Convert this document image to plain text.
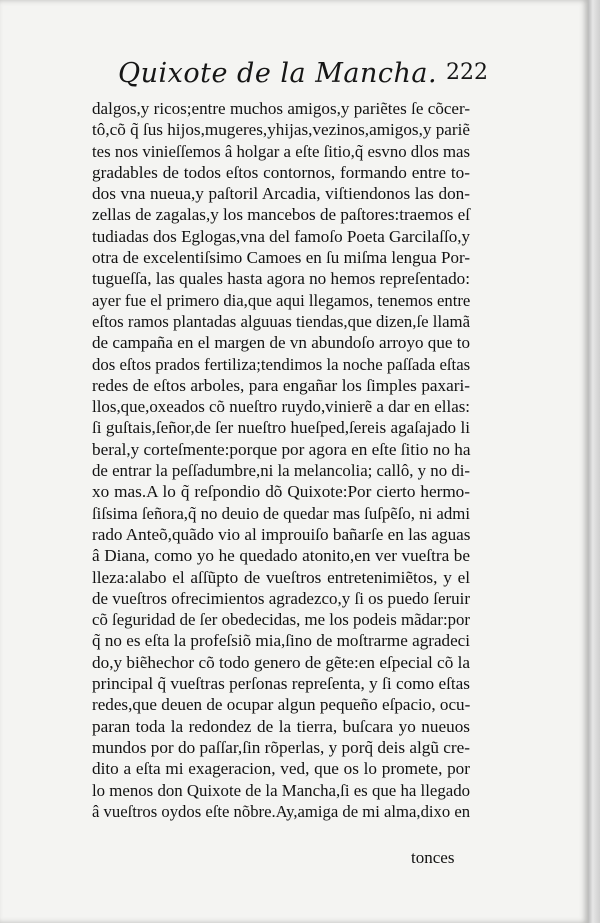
Quixote de la Mancha. 222
dalgos,y ricos;entre muchos amigos,y pariẽtes ſe cõcer-
tô,cõ q̃ ſus hijos,mugeres,yhijas,vezinos,amigos,y pariẽ
tes nos vinieſſemos â holgar a eſte ſitio,q̃ esvno dlos mas
gradables de todos eſtos contornos, formando entre to-
dos vna nueua,y paſtoril Arcadia, viſtiendonos las don-
zellas de zagalas,y los mancebos de paſtores:traemos eſ
tudiadas dos Eglogas,vna del famoſo Poeta Garcilaſſo,y
otra de excelentiſsimo Camoes en ſu miſma lengua Por-
tugueſſa, las quales hasta agora no hemos repreſentado:
ayer fue el primero dia,que aqui llegamos, tenemos entre
eſtos ramos plantadas alguuas tiendas,que dizen,ſe llamã
de campaña en el margen de vn abundoſo arroyo que to
dos eſtos prados fertiliza;tendimos la noche paſſada eſtas
redes de eſtos arboles, para engañar los ſimples paxari-
llos,que,oxeados cõ nueſtro ruydo,vinierẽ a dar en ellas:
ſi guſtais,ſeñor,de ſer nueſtro hueſped,ſereis agaſajado li
beral,y corteſmente:porque por agora en eſte ſitio no ha
de entrar la peſſadumbre,ni la melancolia; callô, y no di-
xo mas.A lo q̃ reſpondio dõ Quixote:Por cierto hermo-
ſiſsima ſeñora,q̃ no deuio de quedar mas ſuſpẽſo, ni admi
rado Anteõ,quãdo vio al improuiſo bañarſe en las aguas
â Diana, como yo he quedado atonito,en ver vueſtra be
lleza:alabo el aſſũpto de vueſtros entretenimiẽtos, y el
de vueſtros ofrecimientos agradezco,y ſi os puedo ſeruir
cõ ſeguridad de ſer obedecidas, me los podeis mãdar:por
q̃ no es eſta la profeſsiõ mia,ſino de moſtrarme agradeci
do,y biẽhechor cõ todo genero de gẽte:en eſpecial cõ la
principal q̃ vueſtras perſonas repreſenta, y ſi como eſtas
redes,que deuen de ocupar algun pequeño eſpacio, ocu-
paran toda la redondez de la tierra, buſcara yo nueuos
mundos por do paſſar,ſin rõperlas, y porq̃ deis algũ cre-
dito a eſta mi exageracion, ved, que os lo promete, por
lo menos don Quixote de la Mancha,ſi es que ha llegado
â vueſtros oydos eſte nõbre.Ay,amiga de mi alma,dixo en
tonces
